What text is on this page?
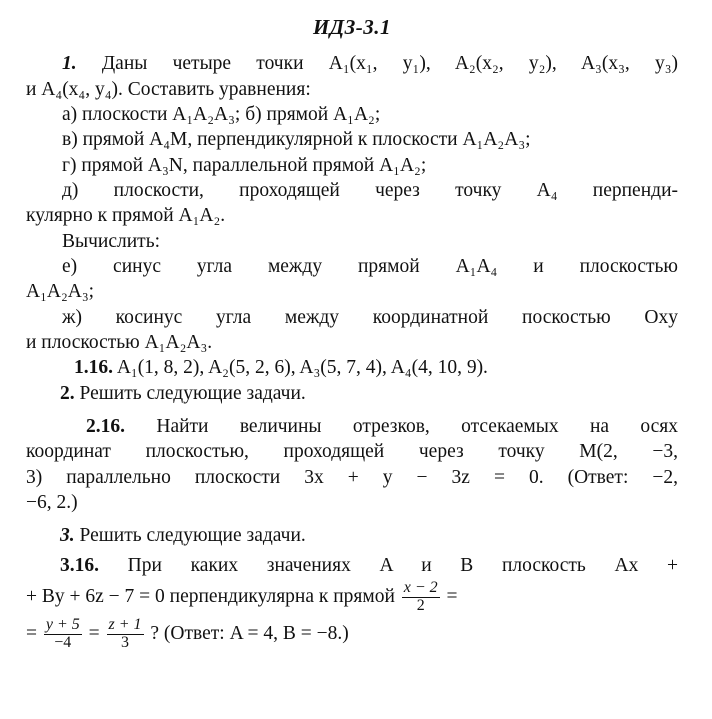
ИДЗ-3.1
1. Даны четыре точки A₁(x₁, y₁), A₂(x₂, y₂), A₃(x₃, y₃)
и A₄(x₄, y₄). Составить уравнения:
а) плоскости A₁A₂A₃; б) прямой A₁A₂;
в) прямой A₄M, перпендикулярной к плоскости A₁A₂A₃;
г) прямой A₃N, параллельной прямой A₁A₂;
д) плоскости, проходящей через точку A₄ перпенди-
кулярно к прямой A₁A₂.
Вычислить:
е) синус угла между прямой A₁A₄ и плоскостью
A₁A₂A₃;
ж) косинус угла между координатной поскостью Oxy
и плоскостью A₁A₂A₃.
1.16. A₁(1, 8, 2), A₂(5, 2, 6), A₃(5, 7, 4), A₄(4, 10, 9).
2. Решить следующие задачи.
2.16. Найти величины отрезков, отсекаемых на осях
координат плоскостью, проходящей через точку M(2, −3,
3) параллельно плоскости 3x + y − 3z = 0. (Ответ: −2,
−6, 2.)
3. Решить следующие задачи.
3.16. При каких значениях A и B плоскость Ax +
+ By + 6z − 7 = 0 перпендикулярна к прямой $\frac{x - 2}{2}$ =
= $\frac{y + 5}{-4} = \frac{z + 1}{3}$ ? (Ответ: A = 4, B = −8.)
